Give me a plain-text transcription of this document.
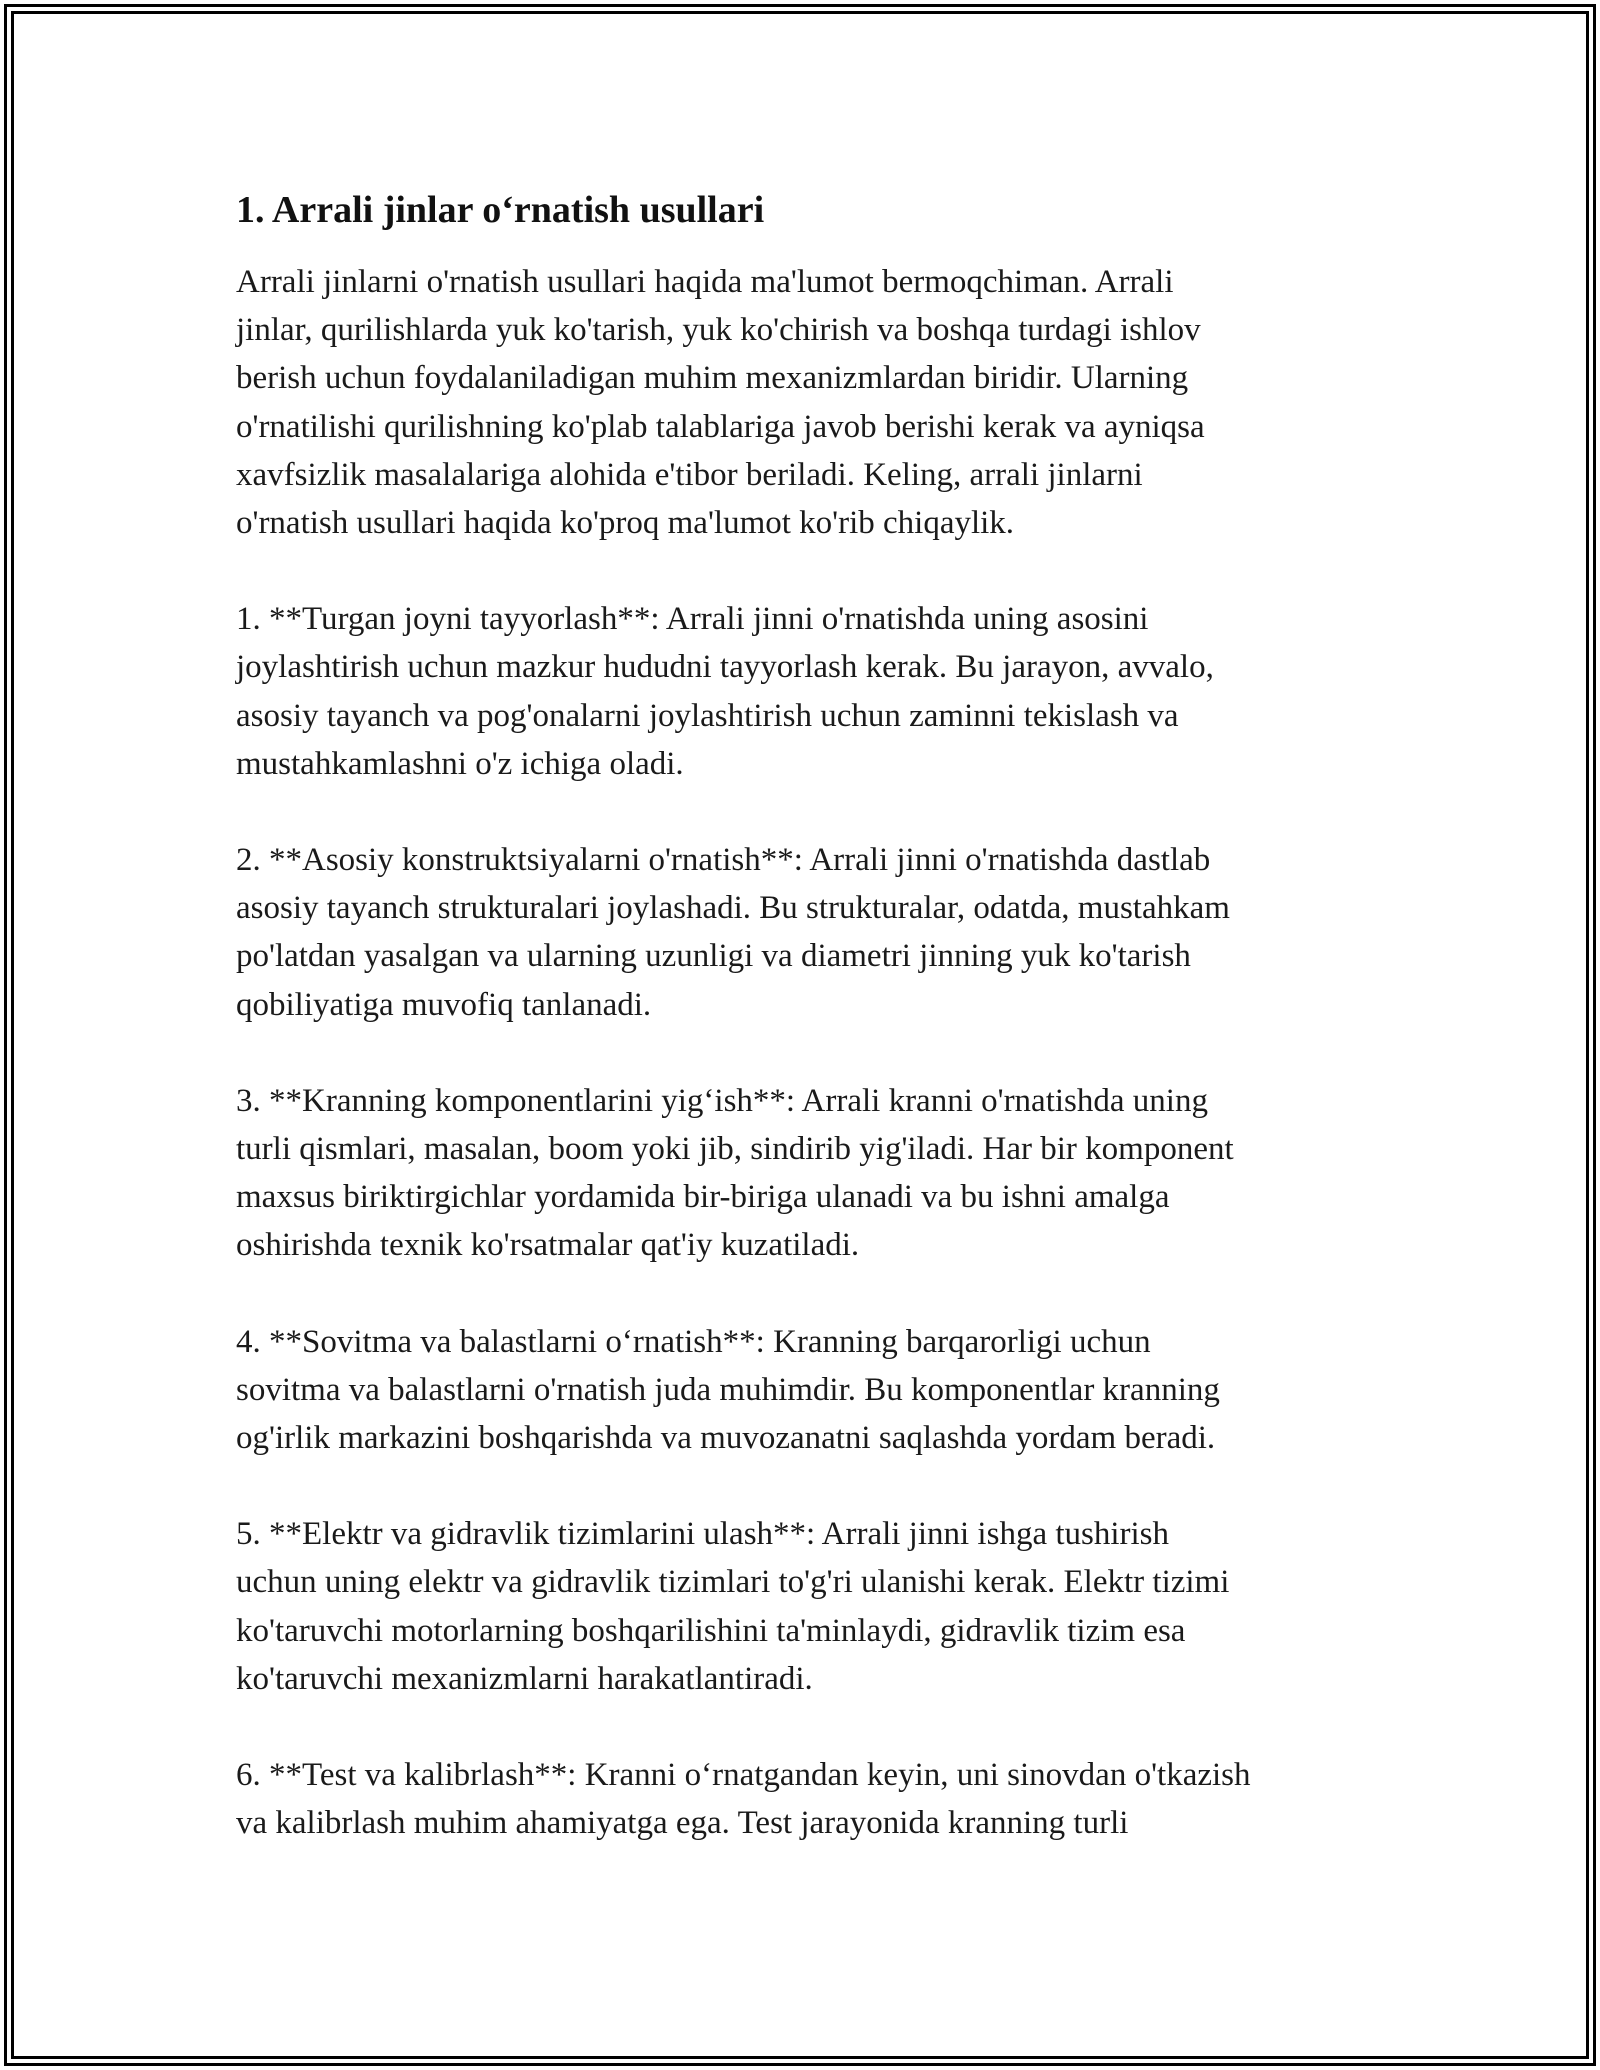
1. Arrali jinlar o‘rnatish usullari

Arrali jinlarni o'rnatish usullari haqida ma'lumot bermoqchiman. Arrali
jinlar, qurilishlarda yuk ko'tarish, yuk ko'chirish va boshqa turdagi ishlov
berish uchun foydalaniladigan muhim mexanizmlardan biridir. Ularning
o'rnatilishi qurilishning ko'plab talablariga javob berishi kerak va ayniqsa
xavfsizlik masalalariga alohida e'tibor beriladi. Keling, arrali jinlarni
o'rnatish usullari haqida ko'proq ma'lumot ko'rib chiqaylik.

1. **Turgan joyni tayyorlash**: Arrali jinni o'rnatishda uning asosini
joylashtirish uchun mazkur hududni tayyorlash kerak. Bu jarayon, avvalo,
asosiy tayanch va pog'onalarni joylashtirish uchun zaminni tekislash va
mustahkamlashni o'z ichiga oladi.

2. **Asosiy konstruktsiyalarni o'rnatish**: Arrali jinni o'rnatishda dastlab
asosiy tayanch strukturalari joylashadi. Bu strukturalar, odatda, mustahkam
po'latdan yasalgan va ularning uzunligi va diametri jinning yuk ko'tarish
qobiliyatiga muvofiq tanlanadi.

3. **Kranning komponentlarini yig‘ish**: Arrali kranni o'rnatishda uning
turli qismlari, masalan, boom yoki jib, sindirib yig'iladi. Har bir komponent
maxsus biriktirgichlar yordamida bir-biriga ulanadi va bu ishni amalga
oshirishda texnik ko'rsatmalar qat'iy kuzatiladi.

4. **Sovitma va balastlarni o‘rnatish**: Kranning barqarorligi uchun
sovitma va balastlarni o'rnatish juda muhimdir. Bu komponentlar kranning
og'irlik markazini boshqarishda va muvozanatni saqlashda yordam beradi.

5. **Elektr va gidravlik tizimlarini ulash**: Arrali jinni ishga tushirish
uchun uning elektr va gidravlik tizimlari to'g'ri ulanishi kerak. Elektr tizimi
ko'taruvchi motorlarning boshqarilishini ta'minlaydi, gidravlik tizim esa
ko'taruvchi mexanizmlarni harakatlantiradi.

6. **Test va kalibrlash**: Kranni o‘rnatgandan keyin, uni sinovdan o'tkazish
va kalibrlash muhim ahamiyatga ega. Test jarayonida kranning turli
